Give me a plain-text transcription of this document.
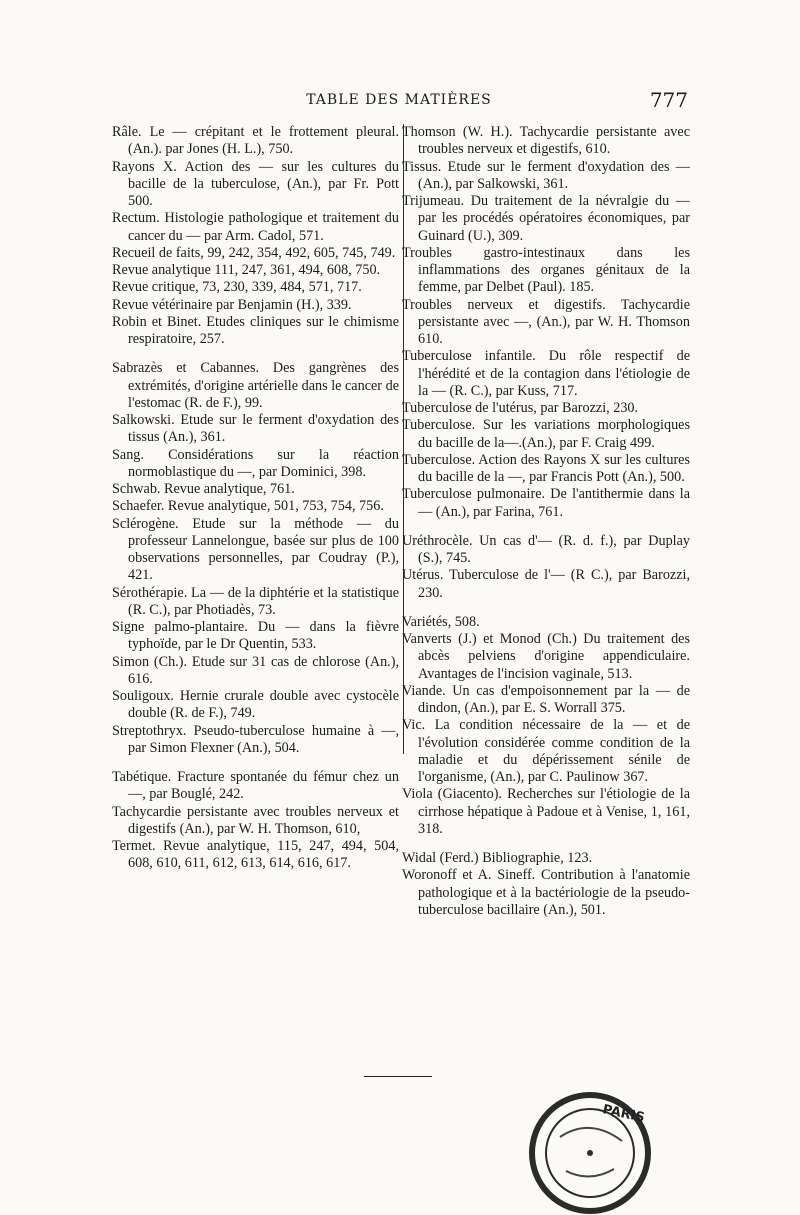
TABLE DES MATIÈRES	777

Râle. Le — crépitant et le frottement pleural. (An.). par Jones (H. L.), 750.

Rayons X. Action des — sur les cultures du bacille de la tuberculose, (An.), par Fr. Pott 500.

Rectum. Histologie pathologique et traitement du cancer du — par Arm. Cadol, 571.

Recueil de faits, 99, 242, 354, 492, 605, 745, 749.

Revue analytique 111, 247, 361, 494, 608, 750.

Revue critique, 73, 230, 339, 484, 571, 717.

Revue vétérinaire par Benjamin (H.), 339.

Robin et Binet. Etudes cliniques sur le chimisme respiratoire, 257.

Sabrazès et Cabannes. Des gangrènes des extrémités, d'origine artérielle dans le cancer de l'estomac (R. de F.), 99.

Salkowski. Etude sur le ferment d'oxydation des tissus (An.), 361.

Sang. Considérations sur la réaction normoblastique du —, par Dominici, 398.

Schwab. Revue analytique, 761.

Schaefer. Revue analytique, 501, 753, 754, 756.

Sclérogène. Etude sur la méthode — du professeur Lannelongue, basée sur plus de 100 observations personnelles, par Coudray (P.), 421.

Sérothérapie. La — de la diphtérie et la statistique (R. C.), par Photiadès, 73.

Signe palmo-plantaire. Du — dans la fièvre typhoïde, par le Dr Quentin, 533.

Simon (Ch.). Etude sur 31 cas de chlorose (An.), 616.

Souligoux. Hernie crurale double avec cystocèle double (R. de F.), 749.

Streptothryx. Pseudo-tuberculose humaine à —, par Simon Flexner (An.), 504.

Tabétique. Fracture spontanée du fémur chez un —, par Bouglé, 242.

Tachycardie persistante avec troubles nerveux et digestifs (An.), par W. H. Thomson, 610,

Termet. Revue analytique, 115, 247, 494, 504, 608, 610, 611, 612, 613, 614, 616, 617.

Thomson (W. H.). Tachycardie persistante avec troubles nerveux et digestifs, 610.

Tissus. Etude sur le ferment d'oxydation des — (An.), par Salkowski, 361.

Trijumeau. Du traitement de la névralgie du — par les procédés opératoires économiques, par Guinard (U.), 309.

Troubles gastro-intestinaux dans les inflammations des organes génitaux de la femme, par Delbet (Paul). 185.

Troubles nerveux et digestifs. Tachycardie persistante avec —, (An.), par W. H. Thomson 610.

Tuberculose infantile. Du rôle respectif de l'hérédité et de la contagion dans l'étiologie de la — (R. C.), par Kuss, 717.

Tuberculose de l'utérus, par Barozzi, 230.

Tuberculose. Sur les variations morphologiques du bacille de la—.(An.), par F. Craig 499.

Tuberculose. Action des Rayons X sur les cultures du bacille de la —, par Francis Pott (An.), 500.

Tuberculose pulmonaire. De l'antithermie dans la — (An.), par Farina, 761.

Uréthrocèle. Un cas d'— (R. d. f.), par Duplay (S.), 745.

Utérus. Tuberculose de l'— (R C.), par Barozzi, 230.

Variétés, 508.

Vanverts (J.) et Monod (Ch.) Du traitement des abcès pelviens d'origine appendiculaire. Avantages de l'incision vaginale, 513.

Viande. Un cas d'empoisonnement par la — de dindon, (An.), par E. S. Worrall 375.

Vic. La condition nécessaire de la — et de l'évolution considérée comme condition de la maladie et du dépérissement sénile de l'organisme, (An.), par C. Paulinow 367.

Viola (Giacento). Recherches sur l'étiologie de la cirrhose hépatique à Padoue et à Venise, 1, 161, 318.

Widal (Ferd.) Bibliographie, 123.

Woronoff et A. Sineff. Contribution à l'anatomie pathologique et à la bactériologie de la pseudo-tuberculose bacillaire (An.), 501.

PARIS
